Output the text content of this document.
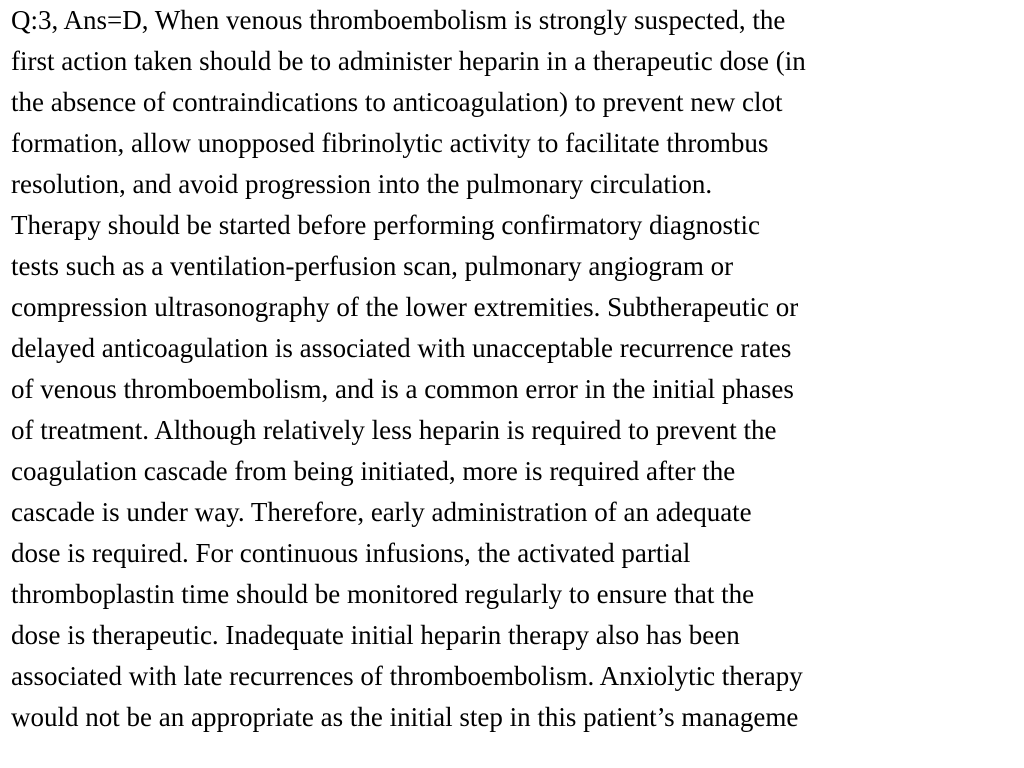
Q:3, Ans=D, When venous thromboembolism is strongly suspected, the
first action taken should be to administer heparin in a therapeutic dose (in
the absence of contraindications to anticoagulation) to prevent new clot
formation, allow unopposed fibrinolytic activity to facilitate thrombus
resolution, and avoid progression into the pulmonary circulation.
Therapy should be started before performing confirmatory diagnostic
tests such as a ventilation-perfusion scan, pulmonary angiogram or
compression ultrasonography of the lower extremities. Subtherapeutic or
delayed anticoagulation is associated with unacceptable recurrence rates
of venous thromboembolism, and is a common error in the initial phases
of treatment. Although relatively less heparin is required to prevent the
coagulation cascade from being initiated, more is required after the
cascade is under way. Therefore, early administration of an adequate
dose is required. For continuous infusions, the activated partial
thromboplastin time should be monitored regularly to ensure that the
dose is therapeutic. Inadequate initial heparin therapy also has been
associated with late recurrences of thromboembolism. Anxiolytic therapy
would not be an appropriate as the initial step in this patient’s manageme
